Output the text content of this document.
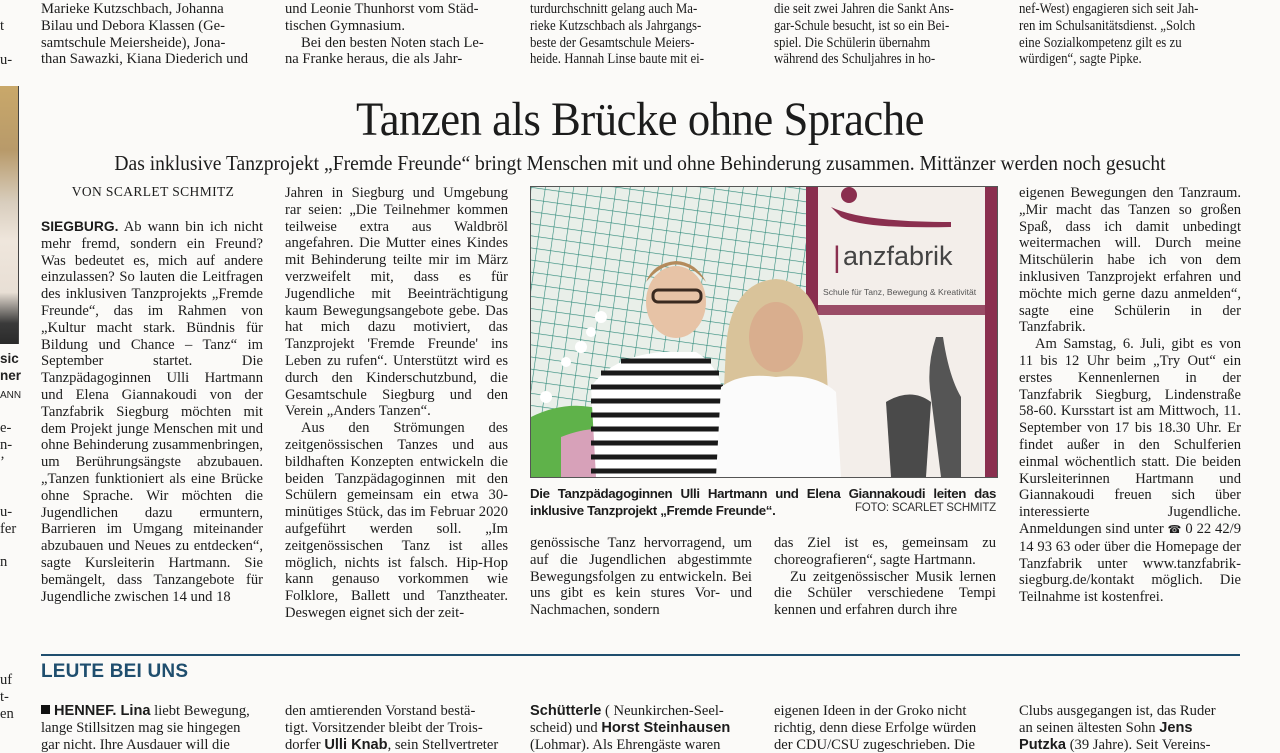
Marieke Kutzschbach, Johanna

Bilau und Debora Klassen (Ge-

samtschule Meiersheide), Jona-

than Sawazki, Kiana Diederich und

und Leonie Thunhorst vom Städ-

tischen Gymnasium.

Bei den besten Noten stach Le-

na Franke heraus, die als Jahr-

turdurchschnitt gelang auch Ma-

rieke Kutzschbach als Jahrgangs-

beste der Gesamtschule Meiers-

heide. Hannah Linse baute mit ei-

die seit zwei Jahren die Sankt Ans-

gar-Schule besucht, ist so ein Bei-

spiel. Die Schülerin übernahm

während des Schuljahres in ho-

nef-West) engagieren sich seit Jah-

ren im Schulsanitätsdienst. „Solch

eine Sozialkompetenz gilt es zu

würdigen“, sagte Pipke.

t
u-
sic
ner
ANN
e-
n-
’
u-
fer
n
uf
t-
en
Tanzen als Brücke ohne Sprache
Das inklusive Tanzprojekt „Fremde Freunde“ bringt Menschen mit und ohne Behinderung zusammen. Mittänzer werden noch gesucht
VON SCARLET SCHMITZ

SIEGBURG. Ab wann bin ich nicht mehr fremd, sondern ein Freund? Was bedeutet es, mich auf andere einzulassen? So lauten die Leitfragen des inklusiven Tanzprojekts „Fremde Freunde“, das im Rahmen von „Kultur macht stark. Bündnis für Bildung und Chance – Tanz“ im September startet. Die Tanzpädagoginnen Ulli Hartmann und Elena Giannakoudi von der Tanzfabrik Siegburg möchten mit dem Projekt junge Menschen mit und ohne Behinderung zusammenbringen, um Berührungsängste abzubauen. „Tanzen funktioniert als eine Brücke ohne Sprache. Wir möchten die Jugendlichen dazu ermuntern, Barrieren im Umgang miteinander abzubauen und Neues zu entdecken“, sagte Kursleiterin Hartmann. Sie bemängelt, dass Tanzangebote für Jugendliche zwischen 14 und 18

Jahren in Siegburg und Umgebung rar seien: „Die Teilnehmer kommen teilweise extra aus Waldbröl angefahren. Die Mutter eines Kindes mit Behinderung teilte mir im März verzweifelt mit, dass es für Jugendliche mit Beeinträchtigung kaum Bewegungsangebote gebe. Das hat mich dazu motiviert, das Tanzprojekt 'Fremde Freunde' ins Leben zu rufen“. Unterstützt wird es durch den Kinderschutzbund, die Gesamtschule Siegburg und den Verein „Anders Tanzen“.

Aus den Strömungen des zeitgenössischen Tanzes und aus bildhaften Konzepten entwickeln die beiden Tanzpädagoginnen mit den Schülern gemeinsam ein etwa 30-minütiges Stück, das im Februar 2020 aufgeführt werden soll. „Im zeitgenössischen Tanz ist alles möglich, nichts ist falsch. Hip-Hop kann genauso vorkommen wie Folklore, Ballett und Tanztheater. Deswegen eignet sich der zeit-

| anzfabrik
Schule für Tanz, Bewegung & Kreativität
Die Tanzpädagoginnen Ulli Hartmann und Elena Giannakoudi leiten das inklusive Tanzprojekt „Fremde Freunde“.	FOTO: SCARLET SCHMITZ

genössische Tanz hervorragend, um auf die Jugendlichen abgestimmte Bewegungsfolgen zu entwickeln. Bei uns gibt es kein stures Vor- und Nachmachen, sondern

das Ziel ist es, gemeinsam zu choreografieren“, sagte Hartmann.

Zu zeitgenössischer Musik lernen die Schüler verschiedene Tempi kennen und erfahren durch ihre

eigenen Bewegungen den Tanzraum. „Mir macht das Tanzen so großen Spaß, dass ich damit unbedingt weitermachen will. Durch meine Mitschülerin habe ich von dem inklusiven Tanzprojekt erfahren und möchte mich gerne dazu anmelden“, sagte eine Schülerin in der Tanzfabrik.

Am Samstag, 6. Juli, gibt es von 11 bis 12 Uhr beim „Try Out“ ein erstes Kennenlernen in der Tanzfabrik Siegburg, Lindenstraße 58-60. Kursstart ist am Mittwoch, 11. September von 17 bis 18.30 Uhr. Er findet außer in den Schulferien einmal wöchentlich statt. Die beiden Kursleiterinnen Hartmann und Giannakoudi freuen sich über interessierte Jugendliche. Anmeldungen sind unter ☎ 0 22 42/9 14 93 63 oder über die Homepage der Tanzfabrik unter www.tanzfabrik-siegburg.de/kontakt möglich. Die Teilnahme ist kostenfrei.

LEUTE BEI UNS
HENNEF. Lina liebt Bewegung,
lange Stillsitzen mag sie hingegen
gar nicht. Ihre Ausdauer will die
den amtierenden Vorstand bestä-
tigt. Vorsitzender bleibt der Trois-
dorfer Ulli Knab, sein Stellvertreter
Schütterle ( Neunkirchen-Seel-
scheid) und Horst Steinhausen
(Lohmar). Als Ehrengäste waren
eigenen Ideen in der Groko nicht
richtig, denn diese Erfolge würden
der CDU/CSU zugeschrieben. Die
Clubs ausgegangen ist, das Ruder
an seinen ältesten Sohn Jens
Putzka (39 Jahre). Seit Vereins-
